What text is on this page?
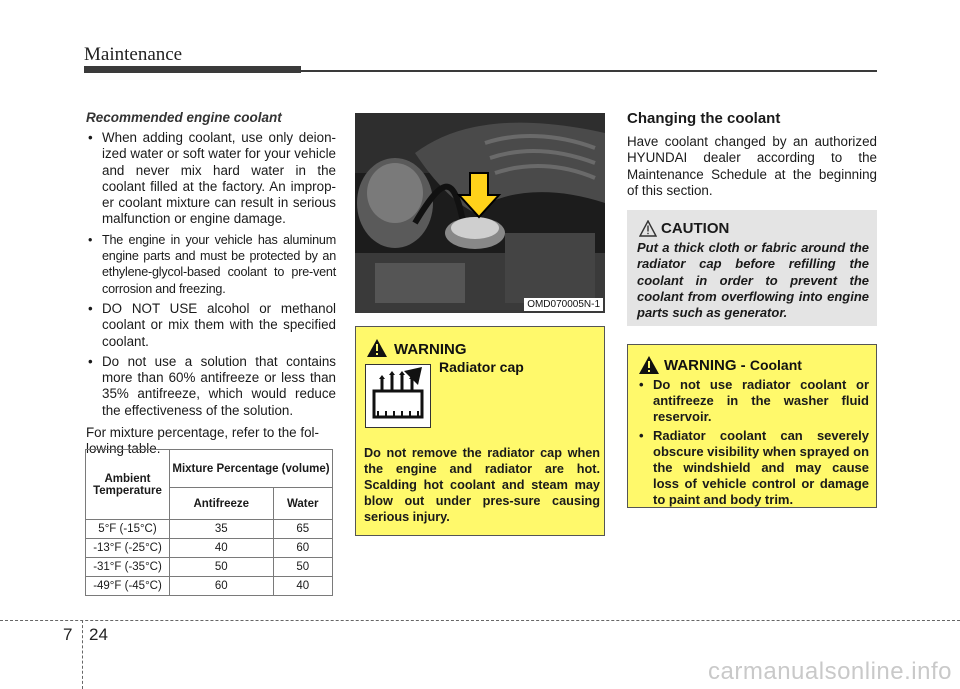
Maintenance
Recommended engine coolant
• When adding coolant, use only deion-ized water or soft water for your vehicle and never mix hard water in the coolant filled at the factory. An improp-er coolant mixture can result in serious malfunction or engine damage.
• The engine in your vehicle has aluminum engine parts and must be protected by an ethylene-glycol-based coolant to pre-vent corrosion and freezing.
• DO NOT USE alcohol or methanol coolant or mix them with the specified coolant.
• Do not use a solution that contains more than 60% antifreeze or less than 35% antifreeze, which would reduce the effectiveness of the solution.
For mixture percentage, refer to the fol-lowing table.
Ambient Temperature	Mixture Percentage (volume)	
	Antifreeze	Water
5°F (-15°C)	35	65
-13°F (-25°C)	40	60
-31°F (-35°C)	50	50
-49°F (-45°C)	60	40
OMD070005N-1
WARNING
Radiator cap
Do not remove the radiator cap when the engine and radiator are hot. Scalding hot coolant and steam may blow out under pres-sure causing serious injury.
Changing the coolant
Have coolant changed by an authorized HYUNDAI dealer according to the Maintenance Schedule at the beginning of this section.
CAUTION
Put a thick cloth or fabric around the radiator cap before refilling the coolant in order to prevent the coolant from overflowing into engine parts such as generator.
WARNING - Coolant
• Do not use radiator coolant or antifreeze in the washer fluid reservoir.
• Radiator coolant can severely obscure visibility when sprayed on the windshield and may cause loss of vehicle control or damage to paint and body trim.
7 24
carmanualsonline.info
